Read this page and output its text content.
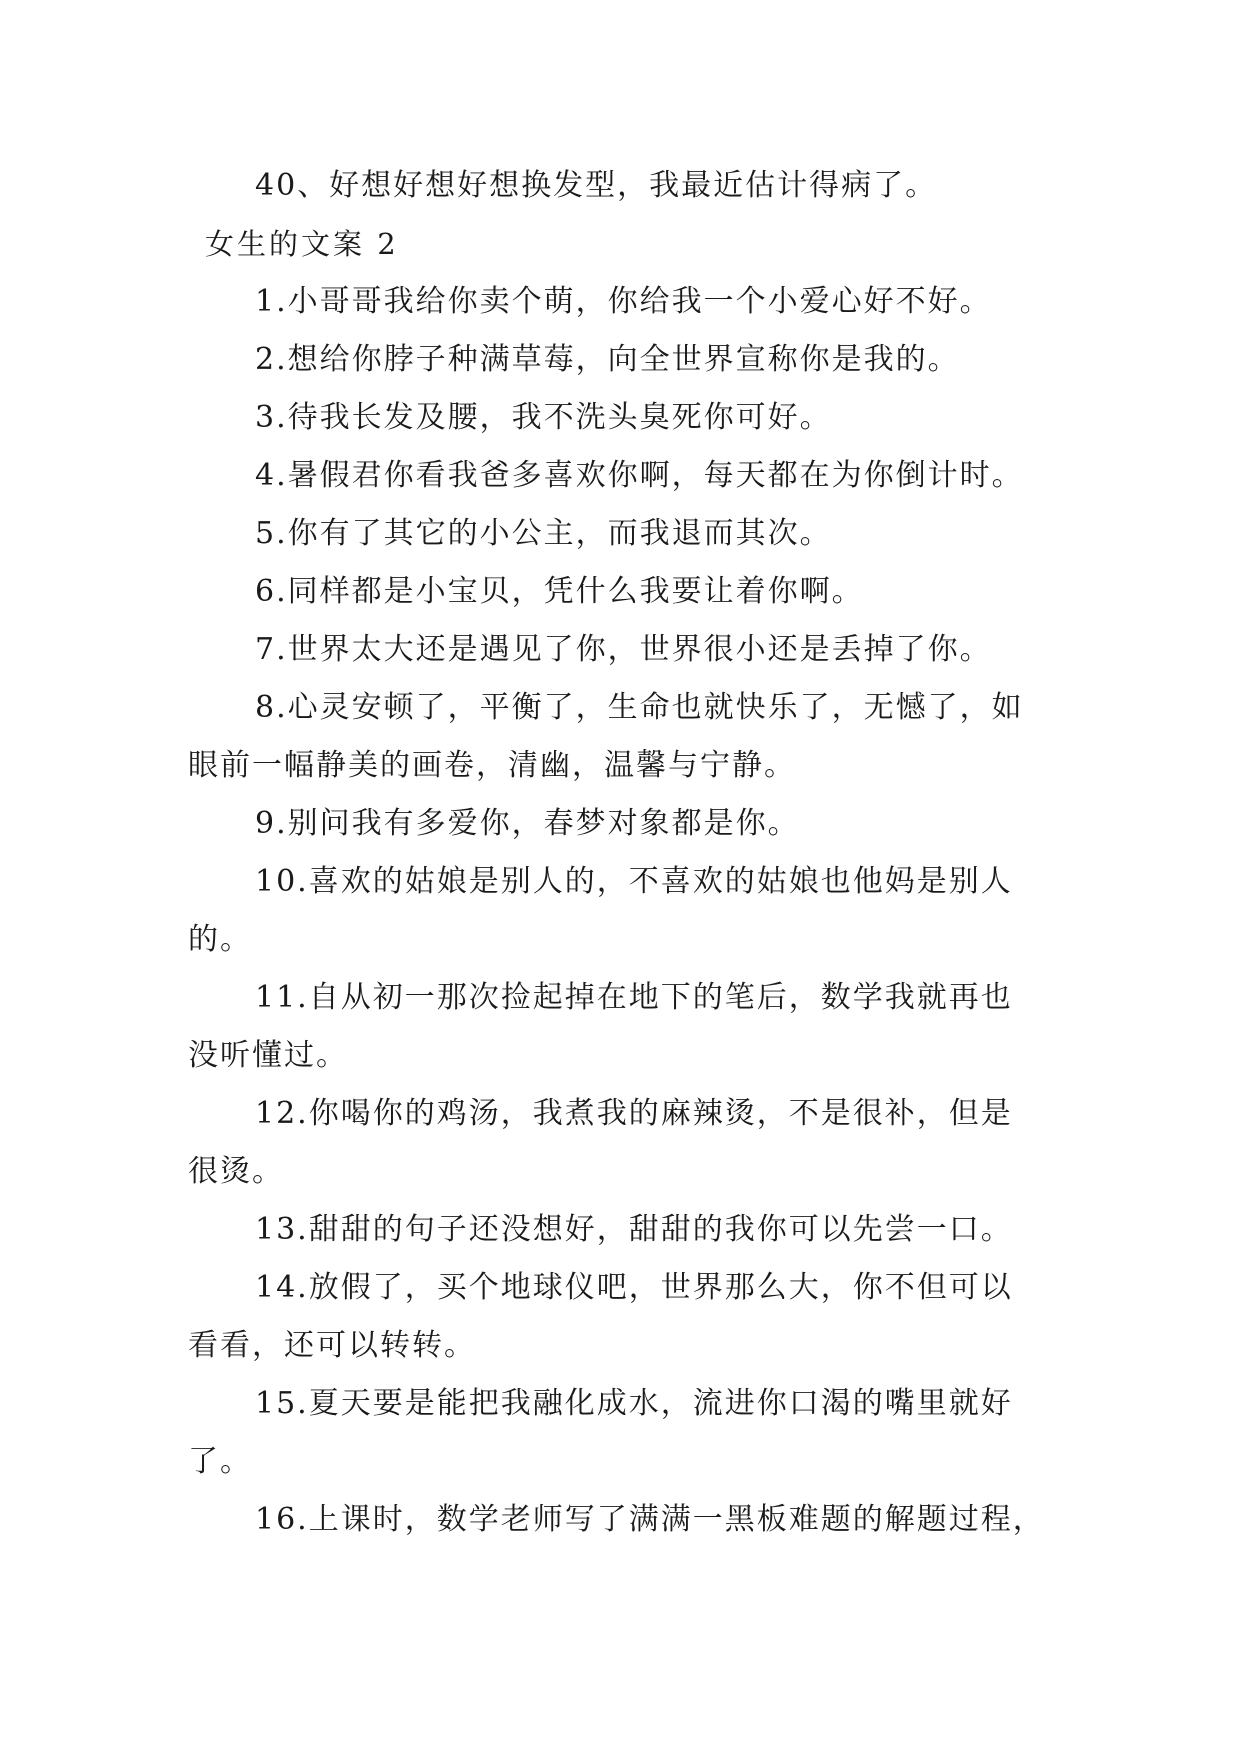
40、好想好想好想换发型，我最近估计得病了。
女生的文案 2
1.小哥哥我给你卖个萌，你给我一个小爱心好不好。
2.想给你脖子种满草莓，向全世界宣称你是我的。
3.待我长发及腰，我不洗头臭死你可好。
4.暑假君你看我爸多喜欢你啊，每天都在为你倒计时。
5.你有了其它的小公主，而我退而其次。
6.同样都是小宝贝，凭什么我要让着你啊。
7.世界太大还是遇见了你，世界很小还是丢掉了你。
8.心灵安顿了，平衡了，生命也就快乐了，无憾了，如
眼前一幅静美的画卷，清幽，温馨与宁静。
9.别问我有多爱你，春梦对象都是你。
10.喜欢的姑娘是别人的，不喜欢的姑娘也他妈是别人
的。
11.自从初一那次捡起掉在地下的笔后，数学我就再也
没听懂过。
12.你喝你的鸡汤，我煮我的麻辣烫，不是很补，但是
很烫。
13.甜甜的句子还没想好，甜甜的我你可以先尝一口。
14.放假了，买个地球仪吧，世界那么大，你不但可以
看看，还可以转转。
15.夏天要是能把我融化成水，流进你口渴的嘴里就好
了。
16.上课时，数学老师写了满满一黑板难题的解题过程，
